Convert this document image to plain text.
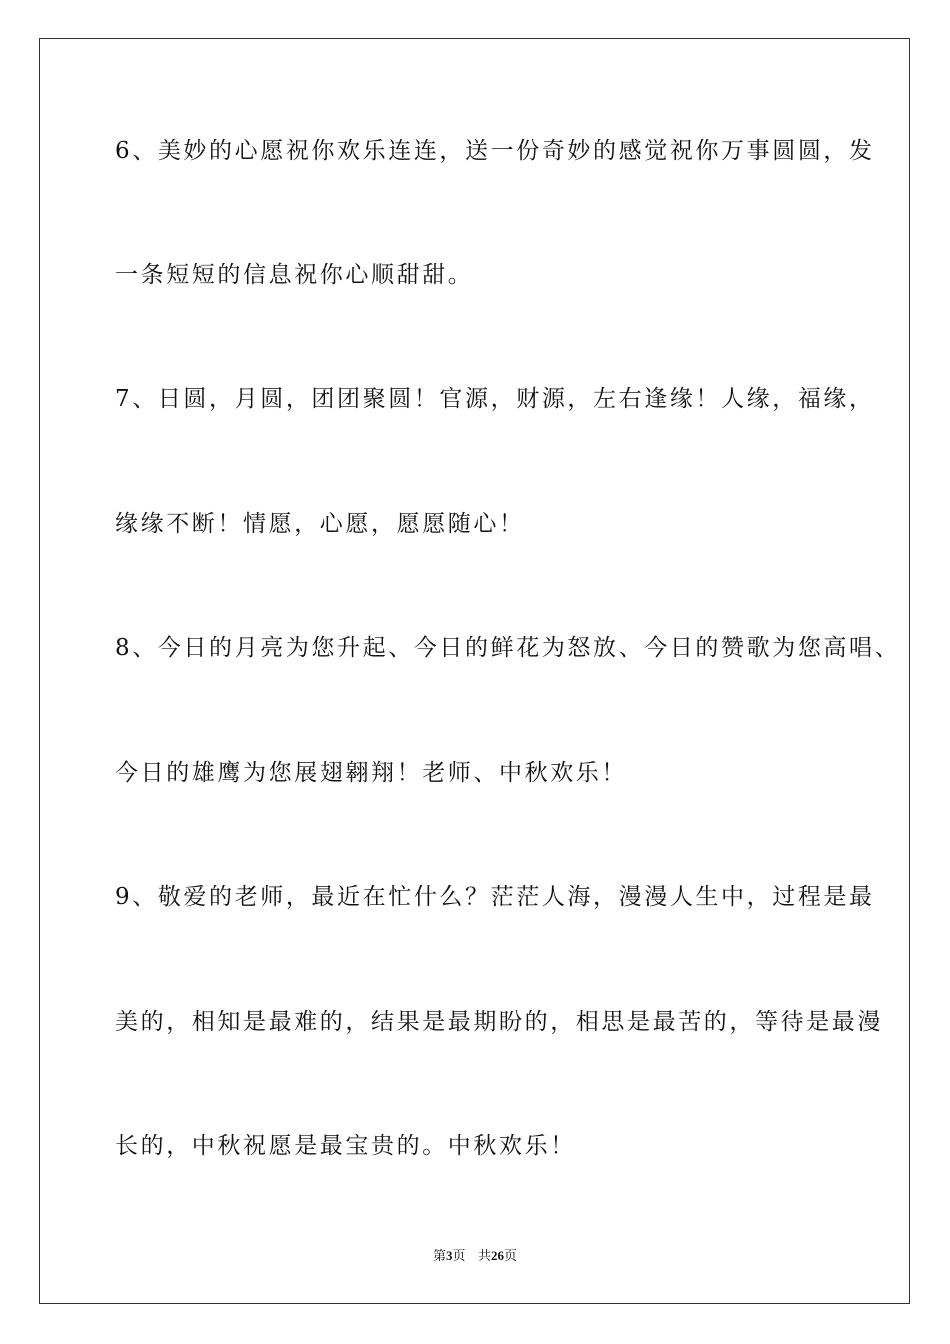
6、美妙的心愿祝你欢乐连连，送一份奇妙的感觉祝你万事圆圆，发
一条短短的信息祝你心顺甜甜。
7、日圆，月圆，团团聚圆！官源，财源，左右逢缘！人缘，福缘，
缘缘不断！情愿，心愿，愿愿随心！
8、今日的月亮为您升起、今日的鲜花为怒放、今日的赞歌为您高唱、
今日的雄鹰为您展翅翱翔！老师、中秋欢乐！
9、敬爱的老师，最近在忙什么？茫茫人海，漫漫人生中，过程是最
美的，相知是最难的，结果是最期盼的，相思是最苦的，等待是最漫
长的，中秋祝愿是最宝贵的。中秋欢乐！
第3页 共26页
